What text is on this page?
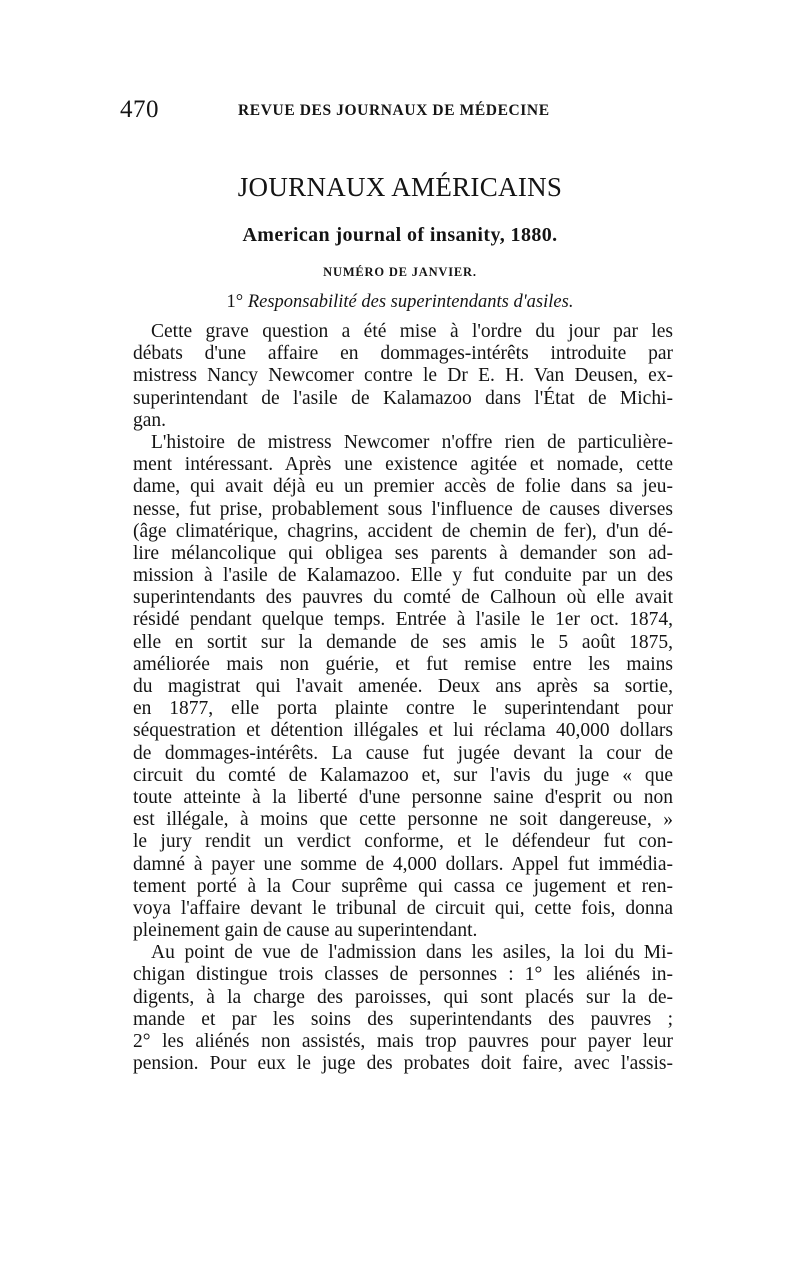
470	REVUE DES JOURNAUX DE MÉDECINE
JOURNAUX AMÉRICAINS
American journal of insanity, 1880.
NUMÉRO DE JANVIER.
1° Responsabilité des superintendants d'asiles.
Cette grave question a été mise à l'ordre du jour par les
débats d'une affaire en dommages-intérêts introduite par
mistress Nancy Newcomer contre le Dr E. H. Van Deusen, ex-
superintendant de l'asile de Kalamazoo dans l'État de Michi-
gan.
L'histoire de mistress Newcomer n'offre rien de particulière-
ment intéressant. Après une existence agitée et nomade, cette
dame, qui avait déjà eu un premier accès de folie dans sa jeu-
nesse, fut prise, probablement sous l'influence de causes diverses
(âge climatérique, chagrins, accident de chemin de fer), d'un dé-
lire mélancolique qui obligea ses parents à demander son ad-
mission à l'asile de Kalamazoo. Elle y fut conduite par un des
superintendants des pauvres du comté de Calhoun où elle avait
résidé pendant quelque temps. Entrée à l'asile le 1er oct. 1874,
elle en sortit sur la demande de ses amis le 5 août 1875,
améliorée mais non guérie, et fut remise entre les mains
du magistrat qui l'avait amenée. Deux ans après sa sortie,
en 1877, elle porta plainte contre le superintendant pour
séquestration et détention illégales et lui réclama 40,000 dollars
de dommages-intérêts. La cause fut jugée devant la cour de
circuit du comté de Kalamazoo et, sur l'avis du juge « que
toute atteinte à la liberté d'une personne saine d'esprit ou non
est illégale, à moins que cette personne ne soit dangereuse, »
le jury rendit un verdict conforme, et le défendeur fut con-
damné à payer une somme de 4,000 dollars. Appel fut immédia-
tement porté à la Cour suprême qui cassa ce jugement et ren-
voya l'affaire devant le tribunal de circuit qui, cette fois, donna
pleinement gain de cause au superintendant.
Au point de vue de l'admission dans les asiles, la loi du Mi-
chigan distingue trois classes de personnes : 1° les aliénés in-
digents, à la charge des paroisses, qui sont placés sur la de-
mande et par les soins des superintendants des pauvres ;
2° les aliénés non assistés, mais trop pauvres pour payer leur
pension. Pour eux le juge des probates doit faire, avec l'assis-
